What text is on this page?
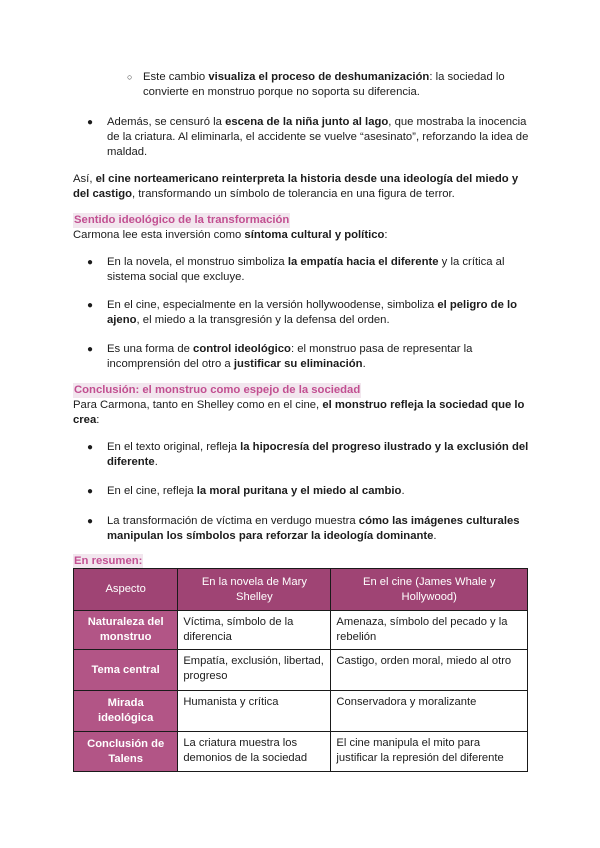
○ Este cambio visualiza el proceso de deshumanización: la sociedad lo convierte en monstruo porque no soporta su diferencia.

●	Además, se censuró la escena de la niña junto al lago, que mostraba la inocencia de la criatura. Al eliminarla, el accidente se vuelve “asesinato”, reforzando la idea de maldad.

Así, el cine norteamericano reinterpreta la historia desde una ideología del miedo y del castigo, transformando un símbolo de tolerancia en una figura de terror.

Sentido ideológico de la transformación

Carmona lee esta inversión como síntoma cultural y político:

●	En la novela, el monstruo simboliza la empatía hacia el diferente y la crítica al sistema social que excluye.

●	En el cine, especialmente en la versión hollywoodense, simboliza el peligro de lo ajeno, el miedo a la transgresión y la defensa del orden.

●	Es una forma de control ideológico: el monstruo pasa de representar la incomprensión del otro a justificar su eliminación.

Conclusión: el monstruo como espejo de la sociedad

Para Carmona, tanto en Shelley como en el cine, el monstruo refleja la sociedad que lo crea:

●	En el texto original, refleja la hipocresía del progreso ilustrado y la exclusión del diferente.

●	En el cine, refleja la moral puritana y el miedo al cambio.

●	La transformación de víctima en verdugo muestra cómo las imágenes culturales manipulan los símbolos para reforzar la ideología dominante.

En resumen:
Aspecto	En la novela de Mary Shelley	En el cine (James Whale y Hollywood)
Naturaleza del monstruo	Víctima, símbolo de la diferencia	Amenaza, símbolo del pecado y la rebelión
Tema central	Empatía, exclusión, libertad, progreso	Castigo, orden moral, miedo al otro
Mirada ideológica	Humanista y crítica	Conservadora y moralizante
Conclusión de Talens	La criatura muestra los demonios de la sociedad	El cine manipula el mito para justificar la represión del diferente
